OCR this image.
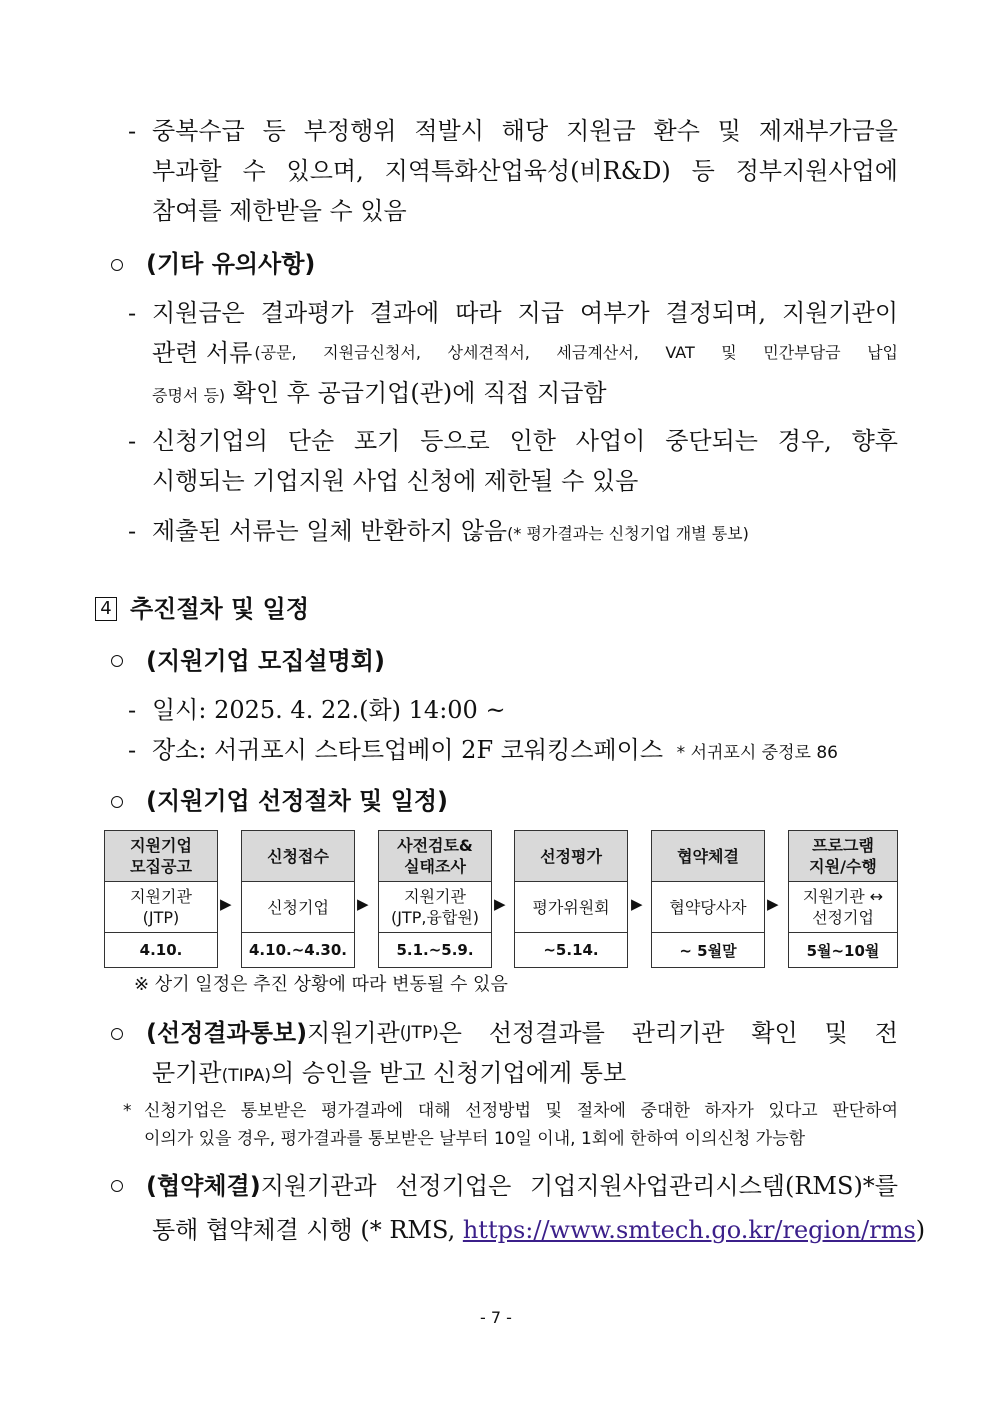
- 중복수급 등 부정행위 적발시 해당 지원금 환수 및 제재부가금을
부과할 수 있으며, 지역특화산업육성(비R&D) 등 정부지원사업에
참여를 제한받을 수 있음
(기타 유의사항)
- 지원금은 결과평가 결과에 따라 지급 여부가 결정되며, 지원기관이
관련 서류 (공문, 지원금신청서, 상세견적서, 세금계산서, VAT 및 민간부담금 납입
증명서 등) 확인 후 공급기업(관)에 직접 지급함
- 신청기업의 단순 포기 등으로 인한 사업이 중단되는 경우, 향후
시행되는 기업지원 사업 신청에 제한될 수 있음
- 제출된 서류는 일체 반환하지 않음(* 평가결과는 신청기업 개별 통보)
4 추진절차 및 일정
(지원기업 모집설명회)
- 일시: 2025. 4. 22.(화) 14:00 ~
- 장소: 서귀포시 스타트업베이 2F 코워킹스페이스 * 서귀포시 중정로 86
(지원기업 선정절차 및 일정)
지원기업
모집공고
지원기관
(JTP)
4.10.
▶
신청접수
신청기업
4.10.~4.30.
▶
사전검토&
실태조사
지원기관
(JTP,융합원)
5.1.~5.9.
▶
선정평가
평가위원회
~5.14.
▶
협약체결
협약당사자
~ 5월말
▶
프로그램
지원/수행
지원기관 ↔
선정기업
5월~10월
※ 상기 일정은 추진 상황에 따라 변동될 수 있음
(선정결과통보) 지원기관 (JTP) 은 선정결과를 관리기관 확인 및 전
문기관(TIPA)의 승인을 받고 신청기업에게 통보
* 신청기업은 통보받은 평가결과에 대해 선정방법 및 절차에 중대한 하자가 있다고 판단하여
이의가 있을 경우, 평가결과를 통보받은 날부터 10일 이내, 1회에 한하여 이의신청 가능함
(협약체결) 지원기관과 선정기업은 기업지원사업관리시스템(RMS)*를
통해 협약체결 시행 (* RMS, https://www.smtech.go.kr/region/rms)
- 7 -
